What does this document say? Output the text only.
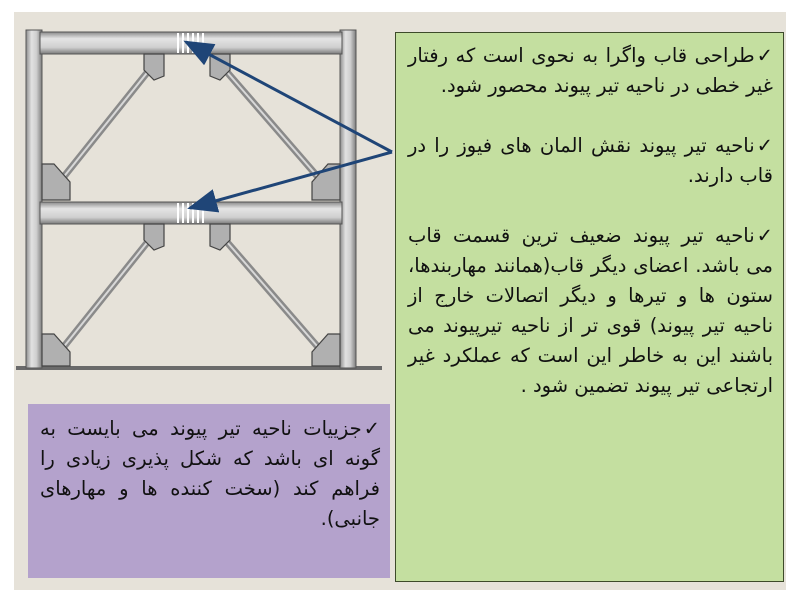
✓طراحی قاب واگرا به نحوی است که رفتار غیر خطی در ناحیه تیر پیوند محصور شود.

✓ناحیه تیر پیوند نقش المان های فیوز را در قاب دارند.

✓ناحیه تیر پیوند ضعیف ترین قسمت قاب می باشد. اعضای دیگر قاب(همانند مهاربندها، ستون ها و تیرها و دیگر اتصالات خارج از ناحیه تیر پیوند) قوی تر از ناحیه تیرپیوند می باشند این به خاطر این است که عملکرد غیر ارتجاعی تیر پیوند تضمین شود .

✓جزییات ناحیه تیر پیوند می بایست به گونه ای باشد که شکل پذیری زیادی را فراهم کند (سخت کننده ها و مهارهای جانبی).
